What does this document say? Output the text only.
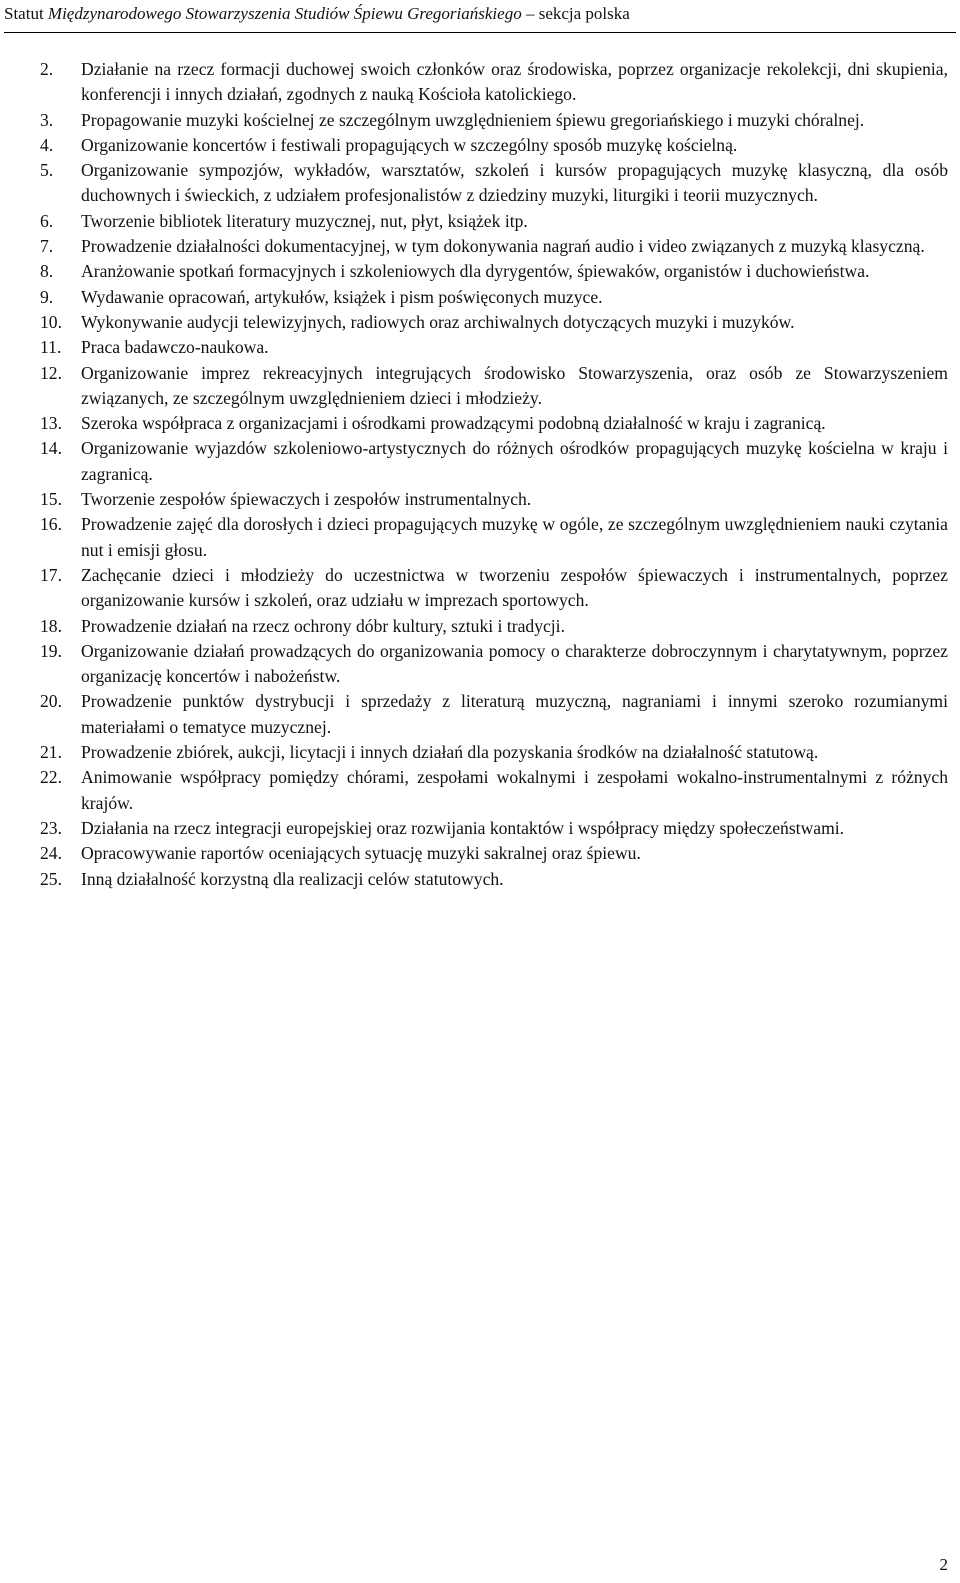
Statut Międzynarodowego Stowarzyszenia Studiów Śpiewu Gregoriańskiego – sekcja polska
2.	Działanie na rzecz formacji duchowej swoich członków oraz środowiska, poprzez organizacje rekolekcji, dni skupienia, konferencji i innych działań, zgodnych z nauką Kościoła katolickiego.
3.	Propagowanie muzyki kościelnej ze szczególnym uwzględnieniem śpiewu gregoriańskiego i muzyki chóralnej.
4.	Organizowanie koncertów i festiwali propagujących w szczególny sposób muzykę kościelną.
5.	Organizowanie sympozjów, wykładów, warsztatów, szkoleń i kursów propagujących muzykę klasyczną, dla osób duchownych i świeckich, z udziałem profesjonalistów z dziedziny muzyki, liturgiki i teorii muzycznych.
6.	Tworzenie bibliotek literatury muzycznej, nut, płyt, książek itp.
7.	Prowadzenie działalności dokumentacyjnej, w tym dokonywania nagrań audio i video związanych z muzyką klasyczną.
8.	Aranżowanie spotkań formacyjnych i szkoleniowych dla dyrygentów, śpiewaków, organistów i duchowieństwa.
9.	Wydawanie opracowań, artykułów, książek i pism poświęconych muzyce.
10.	Wykonywanie audycji telewizyjnych, radiowych oraz archiwalnych dotyczących muzyki i muzyków.
11.	Praca badawczo-naukowa.
12.	Organizowanie imprez rekreacyjnych integrujących środowisko Stowarzyszenia, oraz osób ze Stowarzyszeniem związanych, ze szczególnym uwzględnieniem dzieci i młodzieży.
13.	Szeroka współpraca z organizacjami i ośrodkami prowadzącymi podobną działalność w kraju i zagranicą.
14.	Organizowanie wyjazdów szkoleniowo-artystycznych do różnych ośrodków propagujących muzykę kościelna w kraju i zagranicą.
15.	Tworzenie zespołów śpiewaczych i zespołów instrumentalnych.
16.	Prowadzenie zajęć dla dorosłych i dzieci propagujących muzykę w ogóle, ze szczególnym uwzględnieniem nauki czytania nut i emisji głosu.
17.	Zachęcanie dzieci i młodzieży do uczestnictwa w tworzeniu zespołów śpiewaczych i instrumentalnych, poprzez organizowanie kursów i szkoleń, oraz udziału w imprezach sportowych.
18.	Prowadzenie działań na rzecz ochrony dóbr kultury, sztuki i tradycji.
19.	Organizowanie działań prowadzących do organizowania pomocy o charakterze dobroczynnym i charytatywnym, poprzez organizację koncertów i nabożeństw.
20.	Prowadzenie punktów dystrybucji i sprzedaży z literaturą muzyczną, nagraniami i innymi szeroko rozumianymi materiałami o tematyce muzycznej.
21.	Prowadzenie zbiórek, aukcji, licytacji i innych działań dla pozyskania środków na działalność statutową.
22.	Animowanie współpracy pomiędzy chórami, zespołami wokalnymi i zespołami wokalno-instrumentalnymi z różnych krajów.
23.	Działania na rzecz integracji europejskiej oraz rozwijania kontaktów i współpracy między społeczeństwami.
24.	Opracowywanie raportów oceniających sytuację muzyki sakralnej oraz śpiewu.
25.	Inną działalność korzystną dla realizacji celów statutowych.
2
